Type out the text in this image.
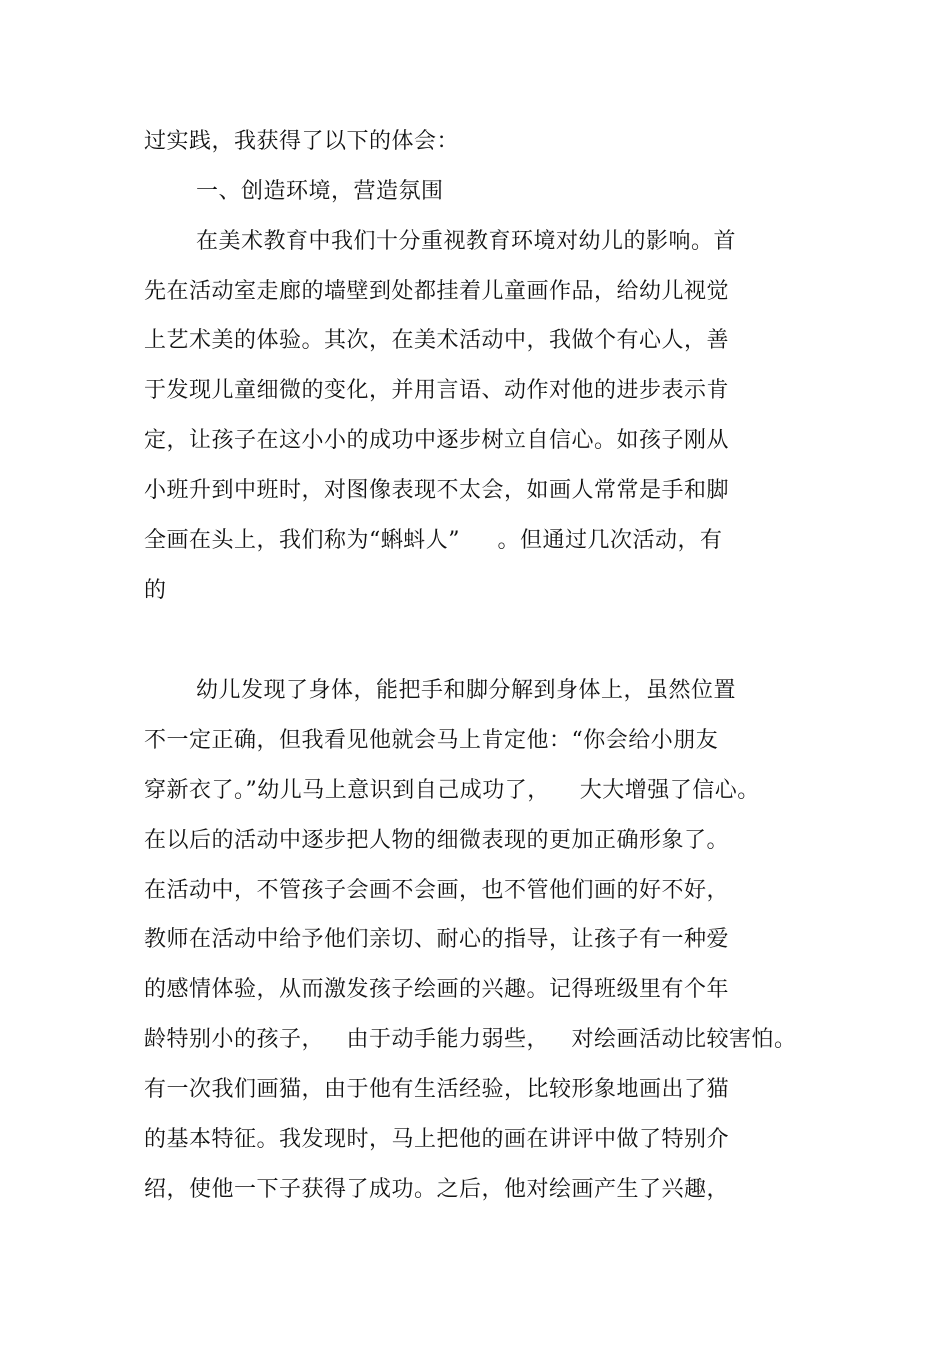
过实践，我获得了以下的体会：
一、创造环境，营造氛围
在美术教育中我们十分重视教育环境对幼儿的影响。首
先在活动室走廊的墙壁到处都挂着儿童画作品，给幼儿视觉
上艺术美的体验。其次，在美术活动中，我做个有心人，善
于发现儿童细微的变化，并用言语、动作对他的进步表示肯
定，让孩子在这小小的成功中逐步树立自信心。如孩子刚从
小班升到中班时，对图像表现不太会，如画人常常是手和脚
全画在头上，我们称为“蝌蚪人”     。但通过几次活动，有
的
幼儿发现了身体，能把手和脚分解到身体上，虽然位置
不一定正确，但我看见他就会马上肯定他：“你会给小朋友
穿新衣了。”幼儿马上意识到自己成功了，    大大增强了信心。
在以后的活动中逐步把人物的细微表现的更加正确形象了。
在活动中，不管孩子会画不会画，也不管他们画的好不好，
教师在活动中给予他们亲切、耐心的指导，让孩子有一种爱
的感情体验，从而激发孩子绘画的兴趣。记得班级里有个年
龄特别小的孩子，   由于动手能力弱些，   对绘画活动比较害怕。
有一次我们画猫，由于他有生活经验，比较形象地画出了猫
的基本特征。我发现时，马上把他的画在讲评中做了特别介
绍，使他一下子获得了成功。之后，他对绘画产生了兴趣，
